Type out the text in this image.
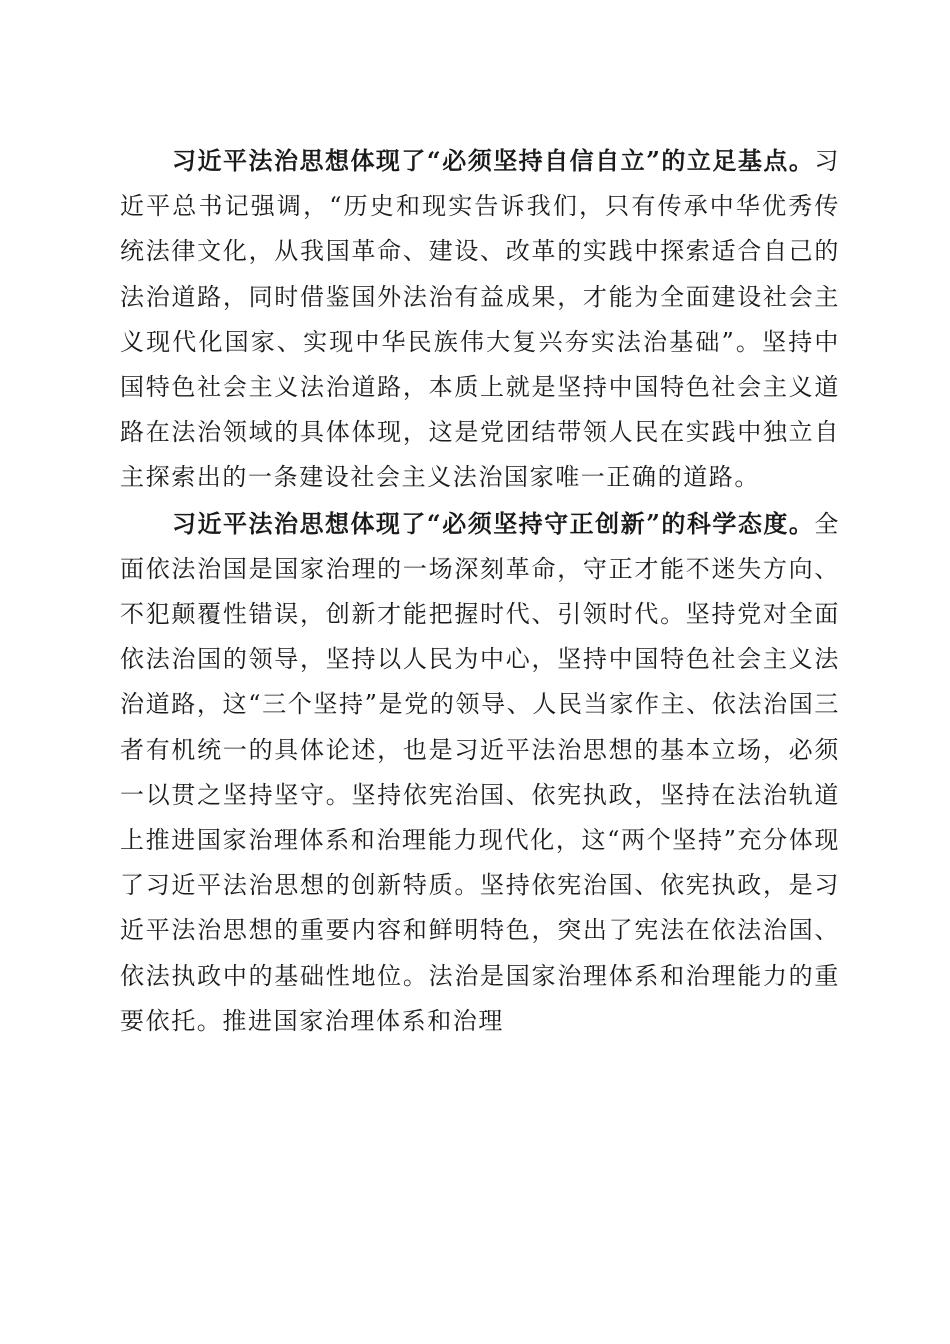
习近平法治思想体现了“必须坚持自信自立”的立足基点。习近平总书记强调，“历史和现实告诉我们，只有传承中华优秀传统法律文化，从我国革命、建设、改革的实践中探索适合自己的法治道路，同时借鉴国外法治有益成果，才能为全面建设社会主义现代化国家、实现中华民族伟大复兴夯实法治基础”。坚持中国特色社会主义法治道路，本质上就是坚持中国特色社会主义道路在法治领域的具体体现，这是党团结带领人民在实践中独立自主探索出的一条建设社会主义法治国家唯一正确的道路。

习近平法治思想体现了“必须坚持守正创新”的科学态度。全面依法治国是国家治理的一场深刻革命，守正才能不迷失方向、不犯颠覆性错误，创新才能把握时代、引领时代。坚持党对全面依法治国的领导，坚持以人民为中心，坚持中国特色社会主义法治道路，这“三个坚持”是党的领导、人民当家作主、依法治国三者有机统一的具体论述，也是习近平法治思想的基本立场，必须一以贯之坚持坚守。坚持依宪治国、依宪执政，坚持在法治轨道上推进国家治理体系和治理能力现代化，这“两个坚持”充分体现了习近平法治思想的创新特质。坚持依宪治国、依宪执政，是习近平法治思想的重要内容和鲜明特色，突出了宪法在依法治国、依法执政中的基础性地位。法治是国家治理体系和治理能力的重要依托。推进国家治理体系和治理
